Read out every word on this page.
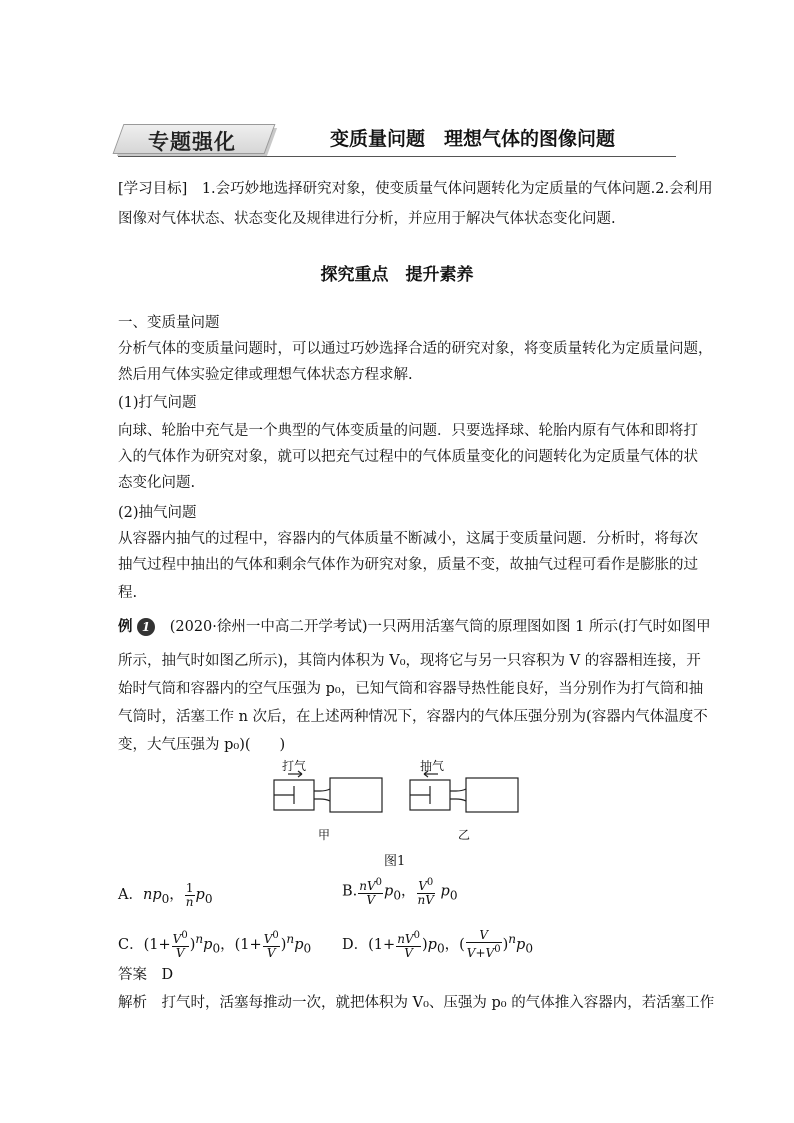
专题强化	变质量问题　理想气体的图像问题
[学习目标]　1.会巧妙地选择研究对象，使变质量气体问题转化为定质量的气体问题.2.会利用
图像对气体状态、状态变化及规律进行分析，并应用于解决气体状态变化问题.
探究重点　提升素养
一、变质量问题
分析气体的变质量问题时，可以通过巧妙选择合适的研究对象，将变质量转化为定质量问题，
然后用气体实验定律或理想气体状态方程求解.
(1)打气问题
向球、轮胎中充气是一个典型的气体变质量的问题．只要选择球、轮胎内原有气体和即将打
入的气体作为研究对象，就可以把充气过程中的气体质量变化的问题转化为定质量气体的状
态变化问题.
(2)抽气问题
从容器内抽气的过程中，容器内的气体质量不断减小，这属于变质量问题．分析时，将每次
抽气过程中抽出的气体和剩余气体作为研究对象，质量不变，故抽气过程可看作是膨胀的过
程.
例 1 (2020·徐州一中高二开学考试)一只两用活塞气筒的原理图如图 1 所示(打气时如图甲
所示，抽气时如图乙所示)，其筒内体积为 V₀，现将它与另一只容积为 V 的容器相连接，开
始时气筒和容器内的空气压强为 p₀，已知气筒和容器导热性能良好，当分别作为打气筒和抽
气筒时，活塞工作 n 次后，在上述两种情况下，容器内的气体压强分别为(容器内气体温度不
变，大气压强为 p₀)(　　)
打气	抽气
甲	乙
图1
A．$np_0$， $\frac{1}{n} p_0$	B. $\frac{nV^0}{V} p_0$， $\frac{V^0}{nV} p_0$
C．$(1+ \frac{V^0}{V} )^np_0$，$(1+ \frac{V^0}{V} )^np_0$ D．$(1+ \frac{nV^0}{V} )p_0$，( $\frac{V}{V+V^0} )^np_0$
答案　D
解析　打气时，活塞每推动一次，就把体积为 V₀、压强为 p₀ 的气体推入容器内，若活塞工作
